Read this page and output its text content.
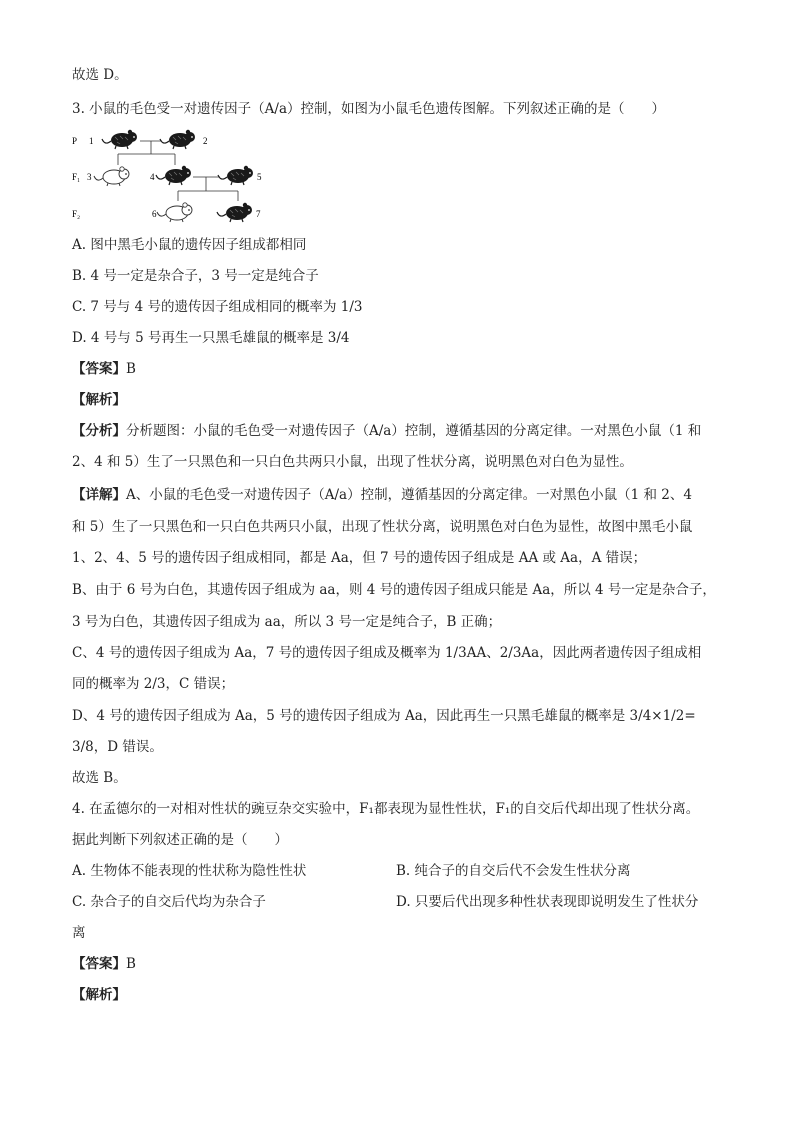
故选 D。
3. 小鼠的毛色受一对遗传因子（A/a）控制，如图为小鼠毛色遗传图解。下列叙述正确的是（　　）
P
F₁
F₂
1	2
3	4	5
6	7
A. 图中黑毛小鼠的遗传因子组成都相同
B. 4 号一定是杂合子，3 号一定是纯合子
C. 7 号与 4 号的遗传因子组成相同的概率为 1/3
D. 4 号与 5 号再生一只黑毛雄鼠的概率是 3/4
【答案】B
【解析】
【分析】分析题图：小鼠的毛色受一对遗传因子（A/a）控制，遵循基因的分离定律。一对黑色小鼠（1 和
2、4 和 5）生了一只黑色和一只白色共两只小鼠，出现了性状分离，说明黑色对白色为显性。
【详解】A、小鼠的毛色受一对遗传因子（A/a）控制，遵循基因的分离定律。一对黑色小鼠（1 和 2、4
和 5）生了一只黑色和一只白色共两只小鼠，出现了性状分离，说明黑色对白色为显性，故图中黑毛小鼠
1、2、4、5 号的遗传因子组成相同，都是 Aa，但 7 号的遗传因子组成是 AA 或 Aa，A 错误；
B、由于 6 号为白色，其遗传因子组成为 aa，则 4 号的遗传因子组成只能是 Aa，所以 4 号一定是杂合子，
3 号为白色，其遗传因子组成为 aa，所以 3 号一定是纯合子，B 正确；
C、4 号的遗传因子组成为 Aa，7 号的遗传因子组成及概率为 1/3AA、2/3Aa，因此两者遗传因子组成相
同的概率为 2/3，C 错误；
D、4 号的遗传因子组成为 Aa，5 号的遗传因子组成为 Aa，因此再生一只黑毛雄鼠的概率是 3/4×1/2=
3/8，D 错误。
故选 B。
4. 在孟德尔的一对相对性状的豌豆杂交实验中，F₁都表现为显性性状，F₁的自交后代却出现了性状分离。
据此判断下列叙述正确的是（　　）
A. 生物体不能表现的性状称为隐性性状	B. 纯合子的自交后代不会发生性状分离
C. 杂合子的自交后代均为杂合子	D. 只要后代出现多种性状表现即说明发生了性状分
离
【答案】B
【解析】
